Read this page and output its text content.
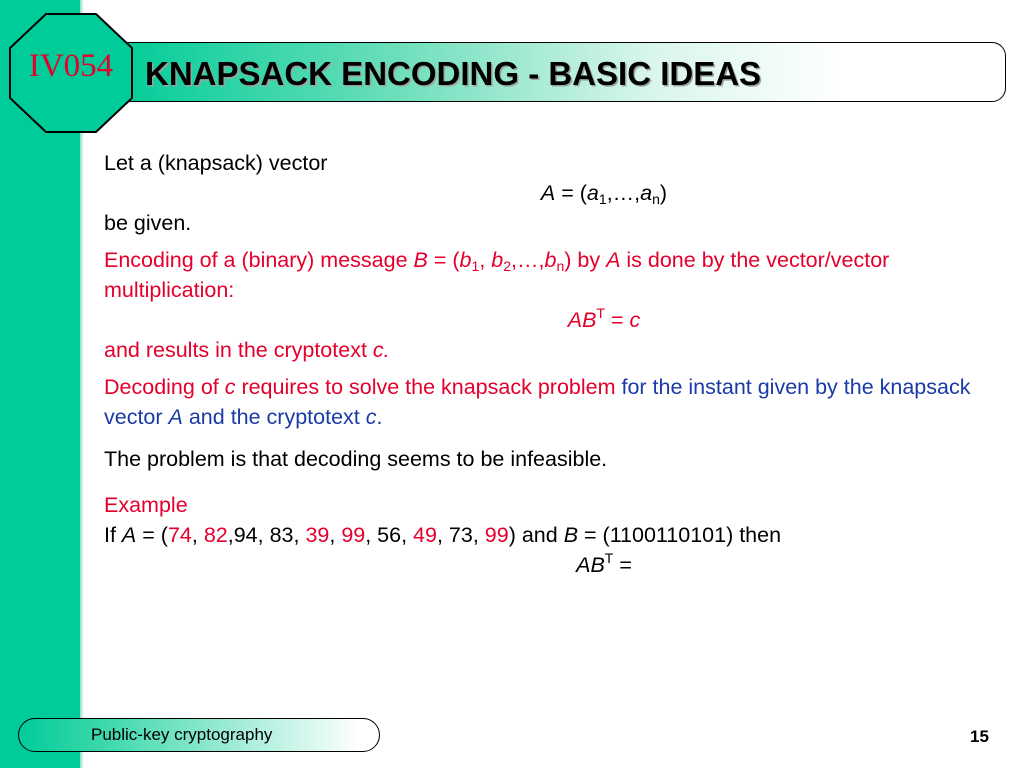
KNAPSACK ENCODING - BASIC IDEAS
IV054

Let a (knapsack) vector

$A = (a_1,\dots,a_n)$

be given.

Encoding of a (binary) message $B = (b_1$, $b_2,\dots,b_n$) by A is done by the vector/vector multiplication:

$AB^T = c$

and results in the cryptotext c.

Decoding of c requires to solve the knapsack problem for the instant given by the knapsack vector A and the cryptotext c.

The problem is that decoding seems to be infeasible.

Example

If A = (74, 82,94, 83, 39, 99, 56, 49, 73, 99) and B = (1100110101) then

$AB^T$ =

Public-key cryptography	15
